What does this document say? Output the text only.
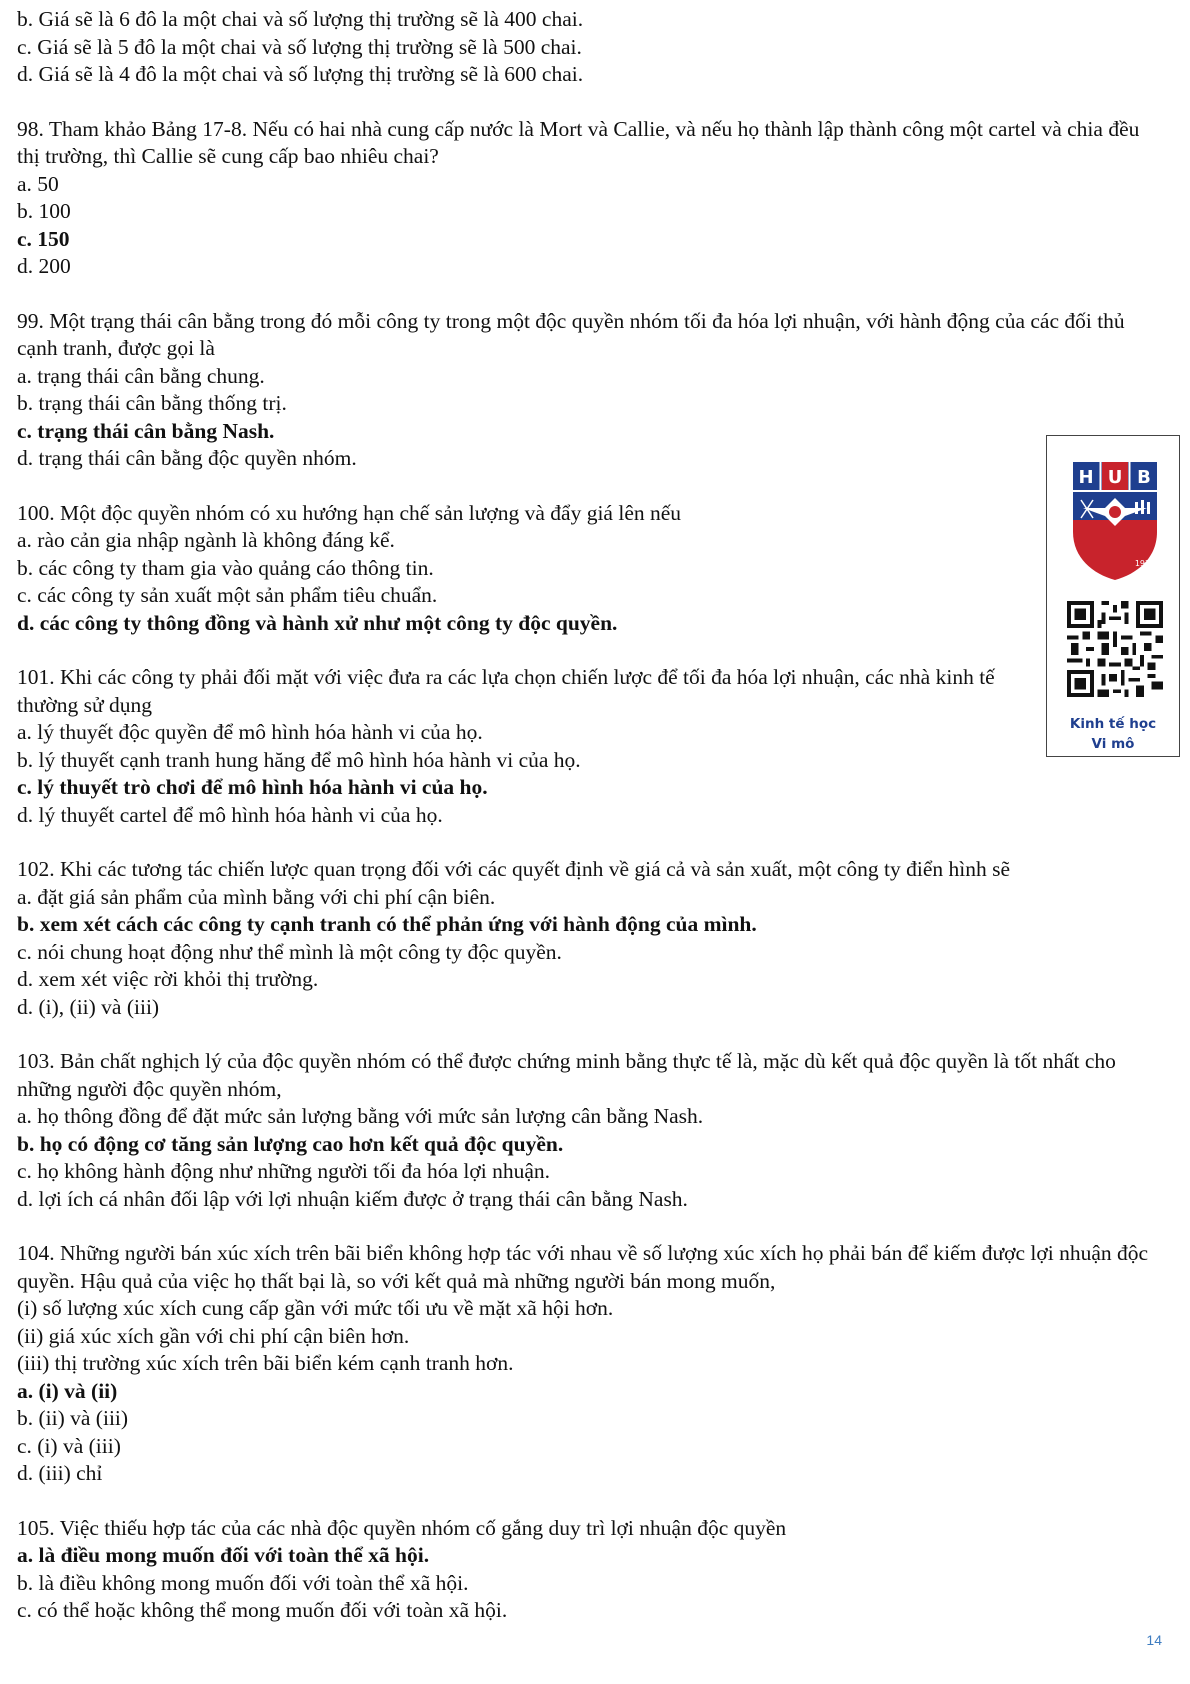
b. Giá sẽ là 6 đô la một chai và số lượng thị trường sẽ là 400 chai.
c. Giá sẽ là 5 đô la một chai và số lượng thị trường sẽ là 500 chai.
d. Giá sẽ là 4 đô la một chai và số lượng thị trường sẽ là 600 chai.
98. Tham khảo Bảng 17-8. Nếu có hai nhà cung cấp nước là Mort và Callie, và nếu họ thành lập thành công một cartel và chia đều thị trường, thì Callie sẽ cung cấp bao nhiêu chai?
a. 50
b. 100
c. 150
d. 200
99. Một trạng thái cân bằng trong đó mỗi công ty trong một độc quyền nhóm tối đa hóa lợi nhuận, với hành động của các đối thủ cạnh tranh, được gọi là
a. trạng thái cân bằng chung.
b. trạng thái cân bằng thống trị.
c. trạng thái cân bằng Nash.
d. trạng thái cân bằng độc quyền nhóm.
100. Một độc quyền nhóm có xu hướng hạn chế sản lượng và đẩy giá lên nếu
a. rào cản gia nhập ngành là không đáng kể.
b. các công ty tham gia vào quảng cáo thông tin.
c. các công ty sản xuất một sản phẩm tiêu chuẩn.
d. các công ty thông đồng và hành xử như một công ty độc quyền.
101. Khi các công ty phải đối mặt với việc đưa ra các lựa chọn chiến lược để tối đa hóa lợi nhuận, các nhà kinh tế thường sử dụng
a. lý thuyết độc quyền để mô hình hóa hành vi của họ.
b. lý thuyết cạnh tranh hung hăng để mô hình hóa hành vi của họ.
c. lý thuyết trò chơi để mô hình hóa hành vi của họ.
d. lý thuyết cartel để mô hình hóa hành vi của họ.
102. Khi các tương tác chiến lược quan trọng đối với các quyết định về giá cả và sản xuất, một công ty điển hình sẽ
a. đặt giá sản phẩm của mình bằng với chi phí cận biên.
b. xem xét cách các công ty cạnh tranh có thể phản ứng với hành động của mình.
c. nói chung hoạt động như thể mình là một công ty độc quyền.
d. xem xét việc rời khỏi thị trường.
d. (i), (ii) và (iii)
103. Bản chất nghịch lý của độc quyền nhóm có thể được chứng minh bằng thực tế là, mặc dù kết quả độc quyền là tốt nhất cho những người độc quyền nhóm,
a. họ thông đồng để đặt mức sản lượng bằng với mức sản lượng cân bằng Nash.
b. họ có động cơ tăng sản lượng cao hơn kết quả độc quyền.
c. họ không hành động như những người tối đa hóa lợi nhuận.
d. lợi ích cá nhân đối lập với lợi nhuận kiếm được ở trạng thái cân bằng Nash.
104. Những người bán xúc xích trên bãi biển không hợp tác với nhau về số lượng xúc xích họ phải bán để kiếm được lợi nhuận độc quyền. Hậu quả của việc họ thất bại là, so với kết quả mà những người bán mong muốn,
(i) số lượng xúc xích cung cấp gần với mức tối ưu về mặt xã hội hơn.
(ii) giá xúc xích gần với chi phí cận biên hơn.
(iii) thị trường xúc xích trên bãi biển kém cạnh tranh hơn.
a. (i) và (ii)
b. (ii) và (iii)
c. (i) và (iii)
d. (iii) chỉ
105. Việc thiếu hợp tác của các nhà độc quyền nhóm cố gắng duy trì lợi nhuận độc quyền
a. là điều mong muốn đối với toàn thể xã hội.
b. là điều không mong muốn đối với toàn thể xã hội.
c. có thể hoặc không thể mong muốn đối với toàn xã hội.
H U B
1976
Kinh tế học
Vi mô
14
